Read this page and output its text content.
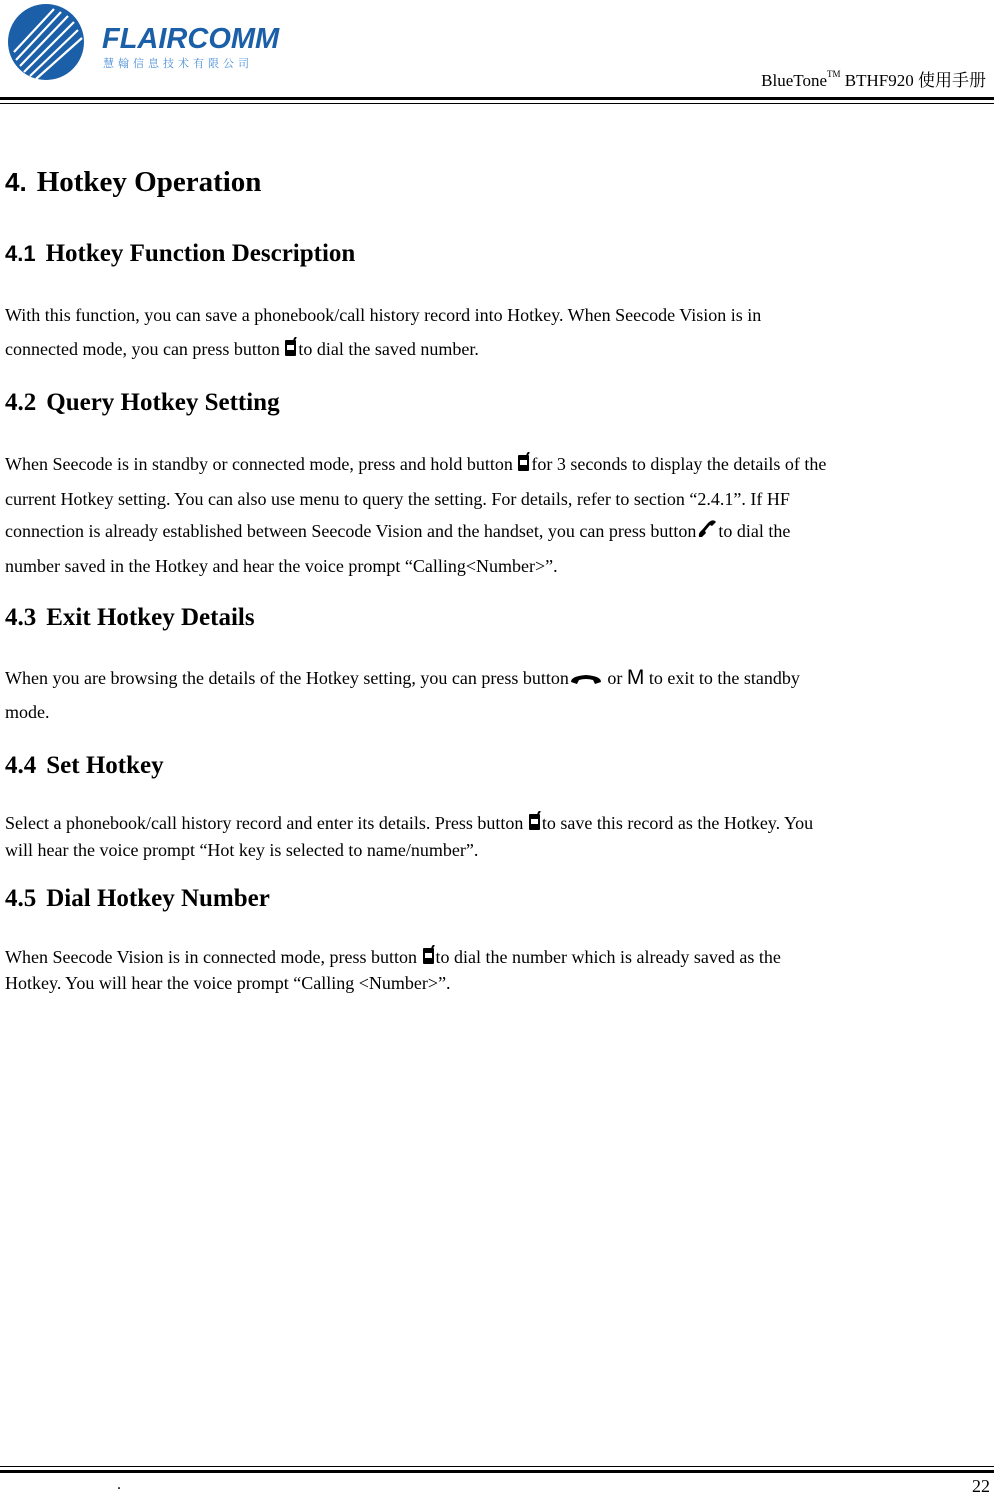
FLAIRCOMM
慧翰信息技术有限公司
BlueTone™ BTHF920 使用手册
4. Hotkey Operation
4.1 Hotkey Function Description
With this function, you can save a phonebook/call history record into Hotkey. When Seecode Vision is in
connected mode, you can press button to dial the saved number.
4.2 Query Hotkey Setting
When Seecode is in standby or connected mode, press and hold button for 3 seconds to display the details of the
current Hotkey setting. You can also use menu to query the setting. For details, refer to section “2.4.1”. If HF
connection is already established between Seecode Vision and the handset, you can press button to dial the
number saved in the Hotkey and hear the voice prompt “Calling<Number>”.
4.3 Exit Hotkey Details
When you are browsing the details of the Hotkey setting, you can press button or M to exit to the standby
mode.
4.4 Set Hotkey
Select a phonebook/call history record and enter its details. Press button to save this record as the Hotkey. You
will hear the voice prompt “Hot key is selected to name/number”.
4.5 Dial Hotkey Number
When Seecode Vision is in connected mode, press button to dial the number which is already saved as the
Hotkey. You will hear the voice prompt “Calling <Number>”.
.	22
